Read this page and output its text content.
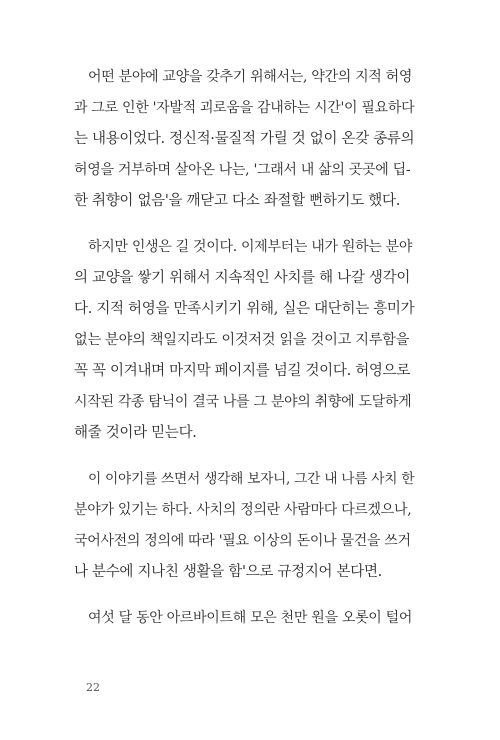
어떤 분야에 교양을 갖추기 위해서는, 약간의 지적 허영
과 그로 인한 '자발적 괴로움을 감내하는 시간'이 필요하다
는 내용이었다. 정신적·물질적 가릴 것 없이 온갖 종류의
허영을 거부하며 살아온 나는, '그래서 내 삶의 곳곳에 딥-
한 취향이 없음'을 깨닫고 다소 좌절할 뻔하기도 했다.
하지만 인생은 길 것이다. 이제부터는 내가 원하는 분야
의 교양을 쌓기 위해서 지속적인 사치를 해 나갈 생각이
다. 지적 허영을 만족시키기 위해, 실은 대단히는 흥미가
없는 분야의 책일지라도 이것저것 읽을 것이고 지루함을
꼭 꼭 이겨내며 마지막 페이지를 넘길 것이다. 허영으로
시작된 각종 탐닉이 결국 나를 그 분야의 취향에 도달하게
해줄 것이라 믿는다.
이 이야기를 쓰면서 생각해 보자니, 그간 내 나름 사치 한
분야가 있기는 하다. 사치의 정의란 사람마다 다르겠으나,
국어사전의 정의에 따라 '필요 이상의 돈이나 물건을 쓰거
나 분수에 지나친 생활을 함'으로 규정지어 본다면.
여섯 달 동안 아르바이트해 모은 천만 원을 오롯이 털어
22
